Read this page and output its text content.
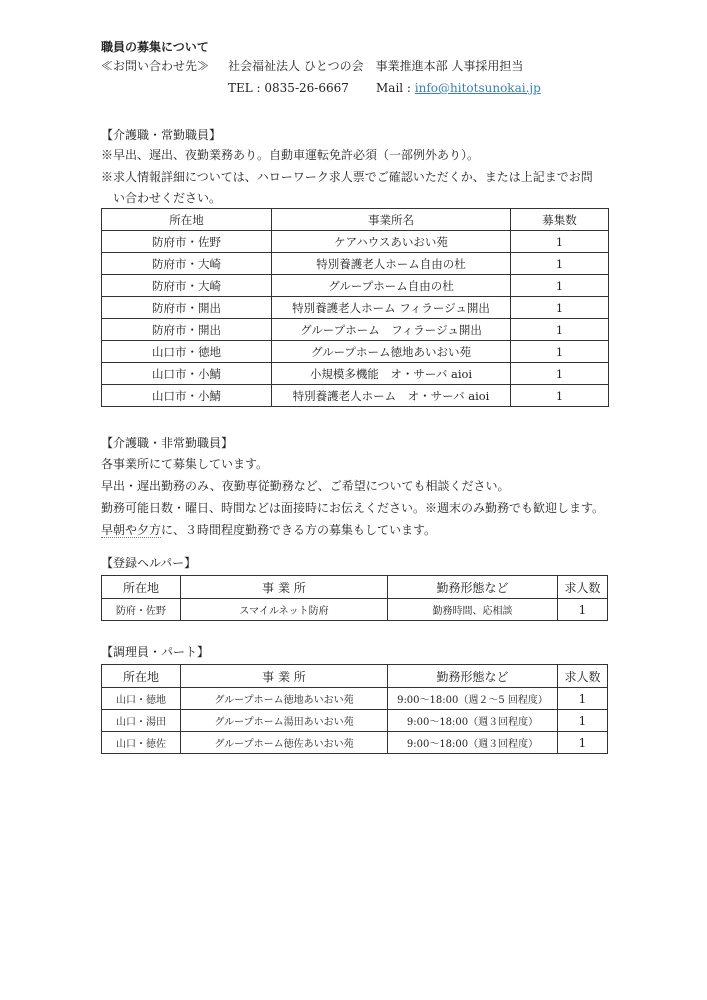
職員の募集について
≪お問い合わせ先≫ 社会福祉法人 ひとつの会　事業推進本部 人事採用担当
TEL : 0835-26-6667 Mail : info@hitotsunokai.jp
【介護職・常勤職員】
※早出、遅出、夜勤業務あり。自動車運転免許必須（一部例外あり）。
※求人情報詳細については、ハローワーク求人票でご確認いただくか、または上記までお問
い合わせください。
所在地	事業所名	募集数
防府市・佐野	ケアハウスあいおい苑	1
防府市・大崎	特別養護老人ホーム自由の杜	1
防府市・大崎	グループホーム自由の杜	1
防府市・開出	特別養護老人ホーム フィラージュ開出	1
防府市・開出	グループホーム　フィラージュ開出	1
山口市・徳地	グループホーム徳地あいおい苑	1
山口市・小鯖	小規模多機能　オ・サーバ aioi	1
山口市・小鯖	特別養護老人ホーム　オ・サーバ aioi	1
【介護職・非常勤職員】
各事業所にて募集しています。
早出・遅出勤務のみ、夜勤専従勤務など、ご希望についても相談ください。
勤務可能日数・曜日、時間などは面接時にお伝えください。※週末のみ勤務でも歓迎します。
早朝や夕方に、３時間程度勤務できる方の募集もしています。
【登録ヘルパー】
所在地	事 業 所	勤務形態など	求人数
防府・佐野	スマイルネット防府	勤務時間、応相談	1
【調理員・パート】
所在地	事 業 所	勤務形態など	求人数
山口・徳地	グループホーム徳地あいおい苑	9:00～18:00（週２～5 回程度）	1
山口・湯田	グループホーム湯田あいおい苑	9:00～18:00（週３回程度）	1
山口・徳佐	グループホーム徳佐あいおい苑	9:00～18:00（週３回程度）	1
